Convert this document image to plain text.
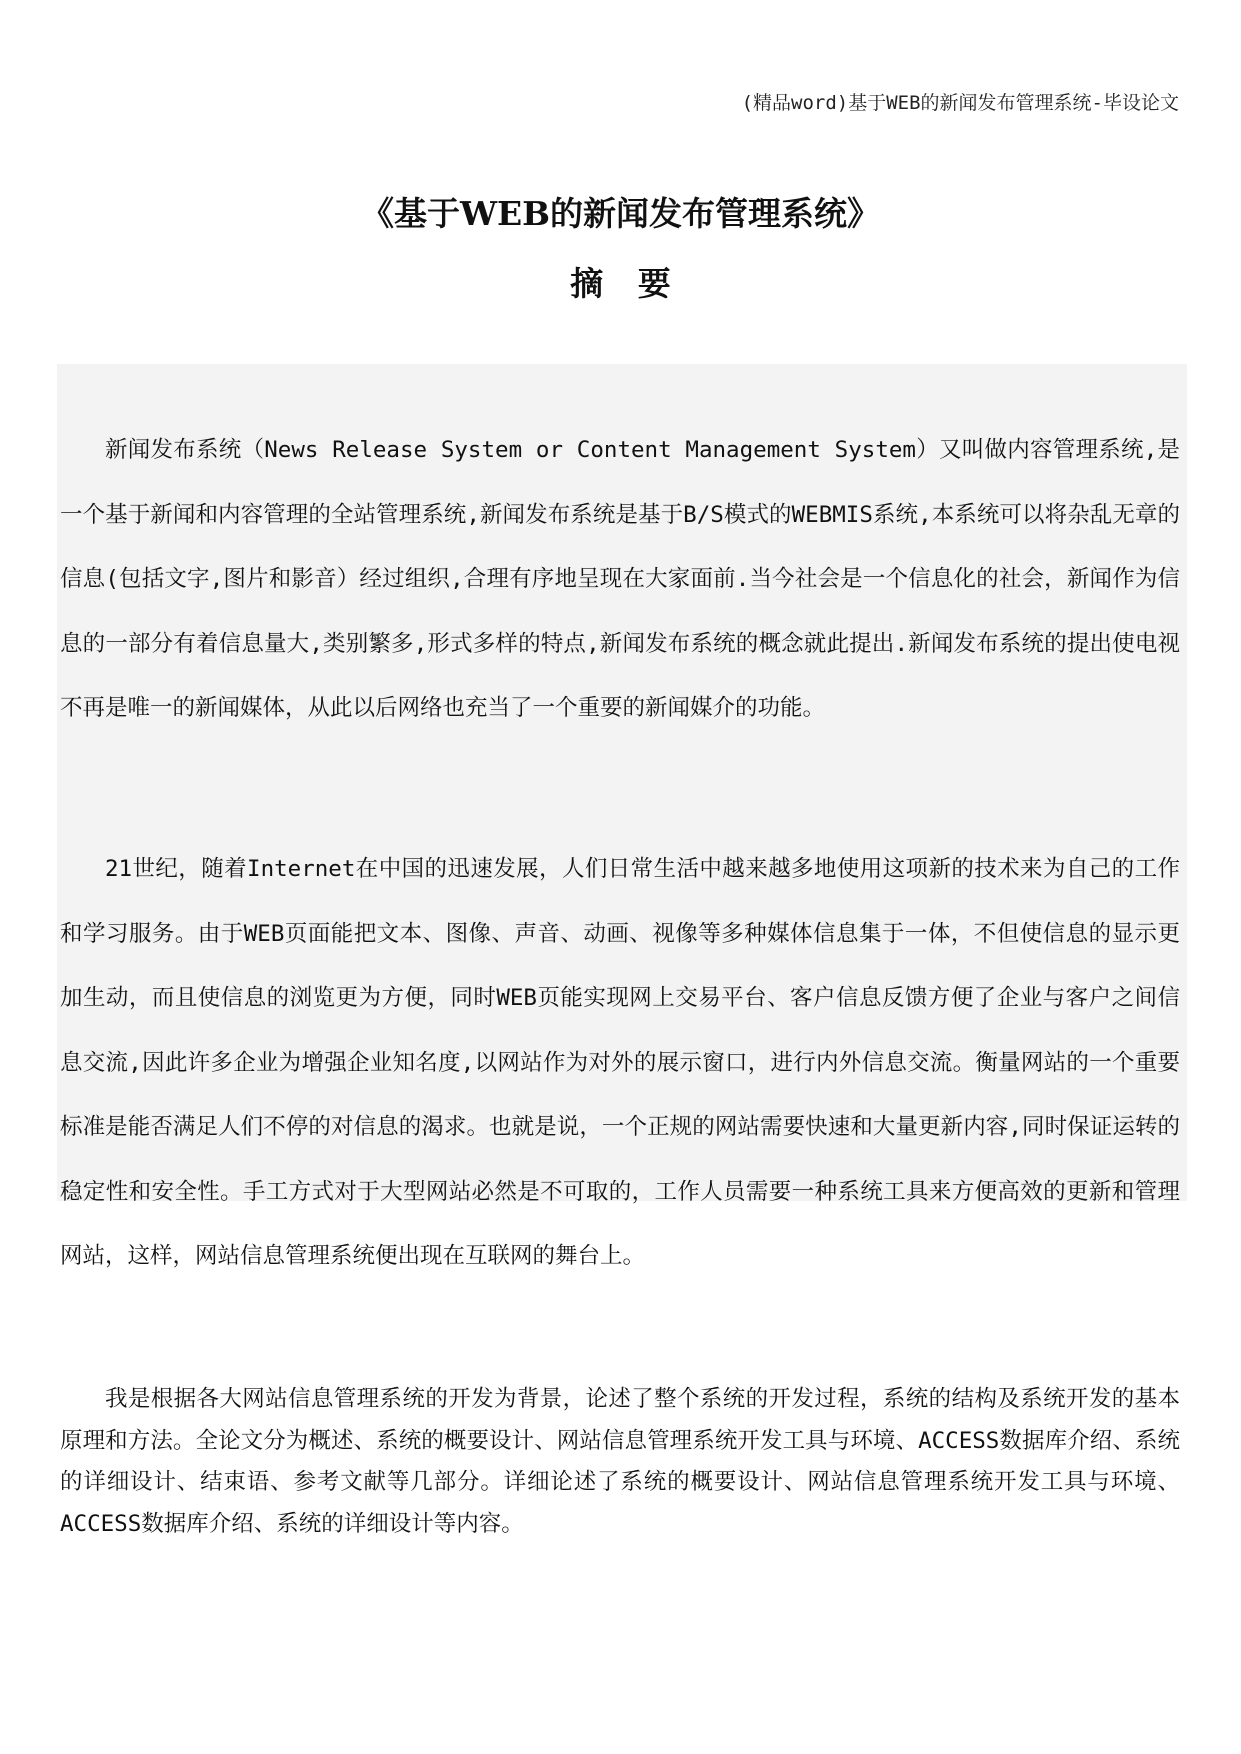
(精品word)基于WEB的新闻发布管理系统-毕设论文
《基于WEB的新闻发布管理系统》
摘   要

新闻发布系统（News Release System or Content Management System）又叫做内容管理系统,是一个基于新闻和内容管理的全站管理系统,新闻发布系统是基于B/S模式的WEBMIS系统,本系统可以将杂乱无章的信息(包括文字,图片和影音）经过组织,合理有序地呈现在大家面前.当今社会是一个信息化的社会，新闻作为信息的一部分有着信息量大,类别繁多,形式多样的特点,新闻发布系统的概念就此提出.新闻发布系统的提出使电视不再是唯一的新闻媒体，从此以后网络也充当了一个重要的新闻媒介的功能。

21世纪，随着Internet在中国的迅速发展，人们日常生活中越来越多地使用这项新的技术来为自己的工作和学习服务。由于WEB页面能把文本、图像、声音、动画、视像等多种媒体信息集于一体，不但使信息的显示更加生动，而且使信息的浏览更为方便，同时WEB页能实现网上交易平台、客户信息反馈方便了企业与客户之间信息交流,因此许多企业为增强企业知名度,以网站作为对外的展示窗口，进行内外信息交流。衡量网站的一个重要标准是能否满足人们不停的对信息的渴求。也就是说，一个正规的网站需要快速和大量更新内容,同时保证运转的稳定性和安全性。手工方式对于大型网站必然是不可取的，工作人员需要一种系统工具来方便高效的更新和管理网站，这样，网站信息管理系统便出现在互联网的舞台上。

我是根据各大网站信息管理系统的开发为背景，论述了整个系统的开发过程，系统的结构及系统开发的基本原理和方法。全论文分为概述、系统的概要设计、网站信息管理系统开发工具与环境、ACCESS数据库介绍、系统的详细设计、结束语、参考文献等几部分。详细论述了系统的概要设计、网站信息管理系统开发工具与环境、ACCESS数据库介绍、系统的详细设计等内容。
